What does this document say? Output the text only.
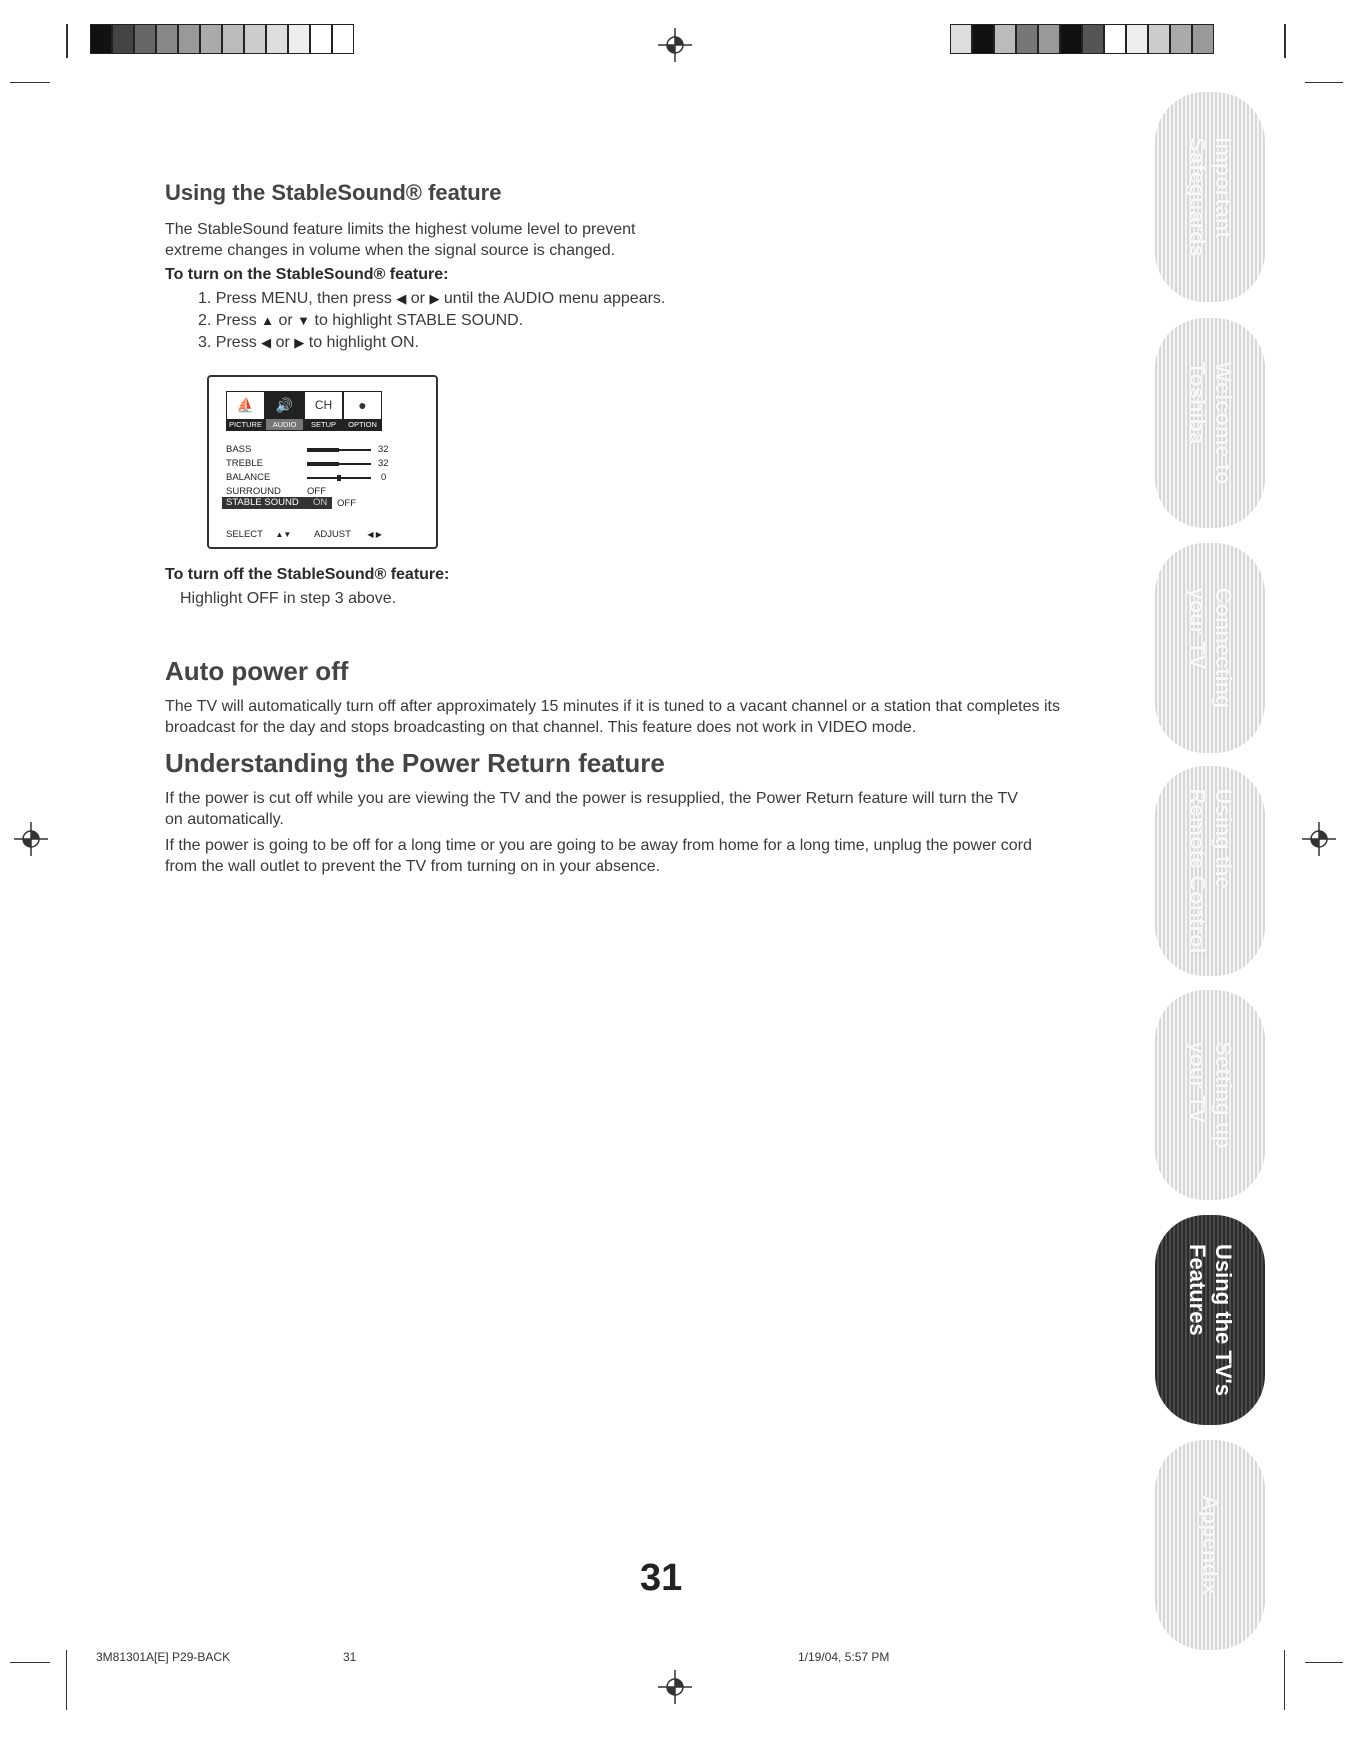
Using the StableSound® feature

The StableSound feature limits the highest volume level to prevent

extreme changes in volume when the signal source is changed.

To turn on the StableSound® feature:

1. Press MENU, then press ◀ or ▶ until the AUDIO menu appears.
2. Press ▲ or ▼ to highlight STABLE SOUND.
3. Press ◀ or ▶ to highlight ON.
⛵
PICTURE
🔊
AUDIO
CH
SETUP
●
OPTION
BASS	32
TREBLE	32
BALANCE	0
SURROUND	OFF
STABLE SOUND ON OFF
SELECT ▲▼ ADJUST ◀ ▶

To turn off the StableSound® feature:

Highlight OFF in step 3 above.

Auto power off

The TV will automatically turn off after approximately 15 minutes if it is tuned to a vacant channel or a station that completes its

broadcast for the day and stops broadcasting on that channel. This feature does not work in VIDEO mode.

Understanding the Power Return feature

If the power is cut off while you are viewing the TV and the power is resupplied, the Power Return feature will turn the TV

on automatically.

If the power is going to be off for a long time or you are going to be away from home for a long time, unplug the power cord

from the wall outlet to prevent the TV from turning on in your absence.

Important
Safeguards
Welcome to
Toshiba
Connecting
your TV
Using the
Remote Control
Setting up
your TV
Using the TV's
Features
Appendix
31
3M81301A[E] P29-BACK	31	1/19/04, 5:57 PM
